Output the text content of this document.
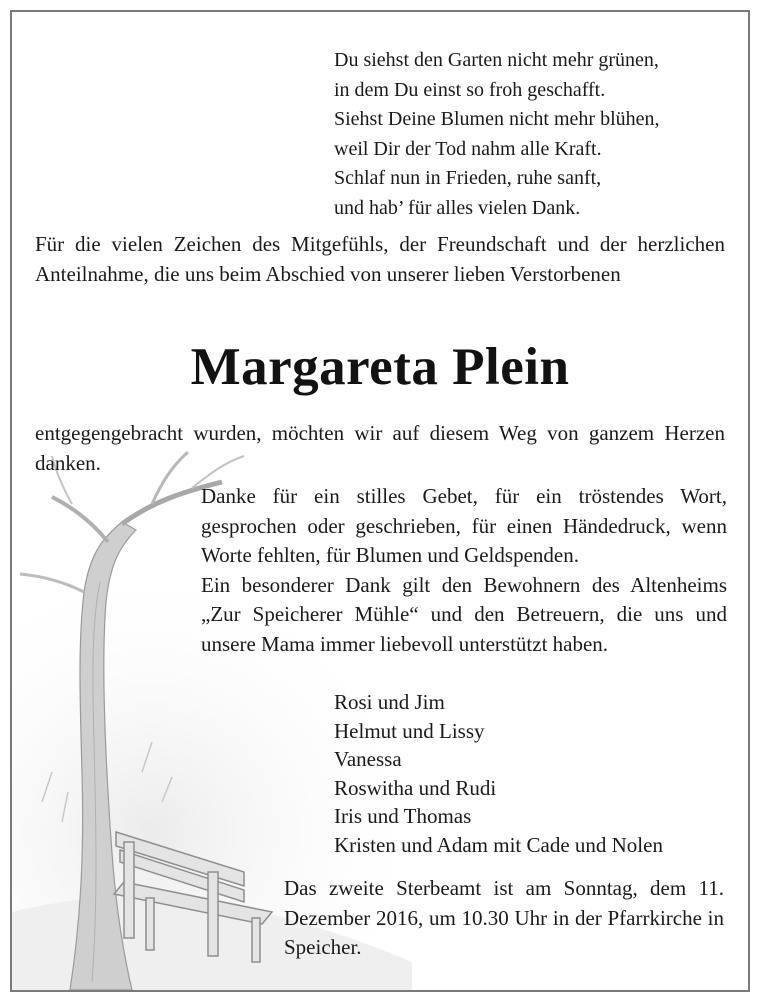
Du siehst den Garten nicht mehr grünen,
in dem Du einst so froh geschafft.
Siehst Deine Blumen nicht mehr blühen,
weil Dir der Tod nahm alle Kraft.
Schlaf nun in Frieden, ruhe sanft,
und hab’ für alles vielen Dank.
Für die vielen Zeichen des Mitgefühls, der Freundschaft und der herzlichen Anteilnahme, die uns beim Abschied von unserer lieben Verstorbenen
Margareta Plein
entgegengebracht wurden, möchten wir auf diesem Weg von ganzem Herzen danken.

Danke für ein stilles Gebet, für ein tröstendes Wort, gesprochen oder geschrieben, für einen Händedruck, wenn Worte fehlten, für Blumen und Geldspenden.

Ein besonderer Dank gilt den Bewohnern des Altenheims „Zur Speicherer Mühle“ und den Betreuern, die uns und unsere Mama immer liebevoll unterstützt haben.

Rosi und Jim
Helmut und Lissy
Vanessa
Roswitha und Rudi
Iris und Thomas
Kristen und Adam mit Cade und Nolen
Das zweite Sterbeamt ist am Sonntag, dem 11. Dezember 2016, um 10.30 Uhr in der Pfarrkirche in Speicher.
